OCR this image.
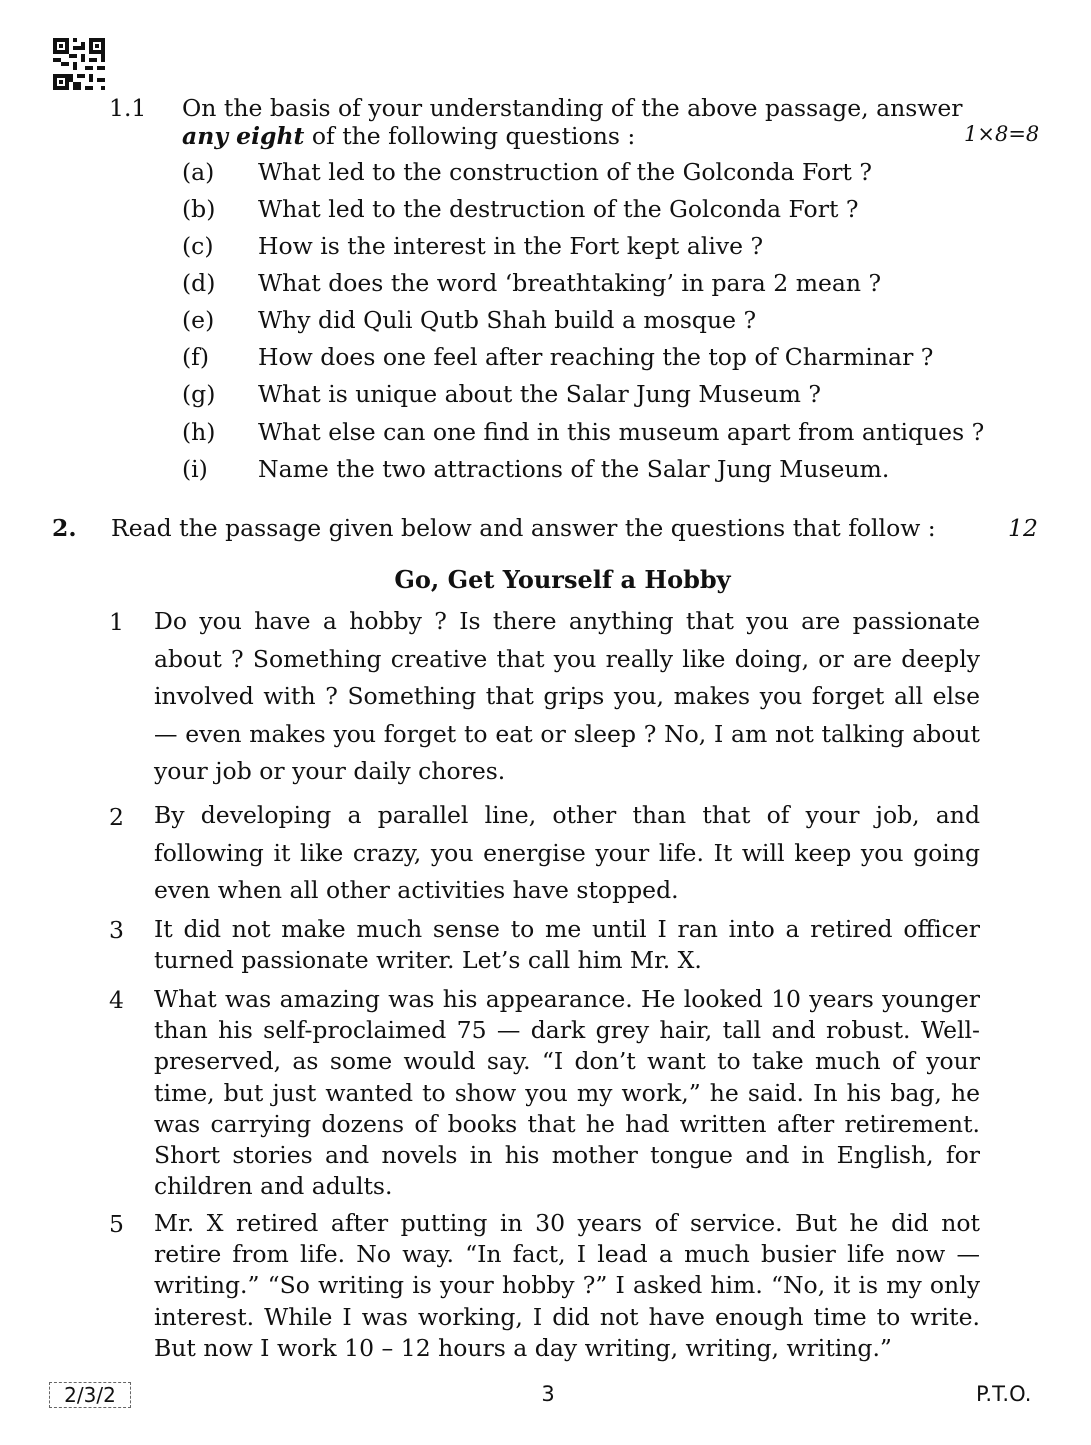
1.1 On the basis of your understanding of the above passage, answer
any eight of the following questions :	1×8=8
(a) What led to the construction of the Golconda Fort ?
(b) What led to the destruction of the Golconda Fort ?
(c) How is the interest in the Fort kept alive ?
(d) What does the word ‘breathtaking’ in para 2 mean ?
(e) Why did Quli Qutb Shah build a mosque ?
(f) How does one feel after reaching the top of Charminar ?
(g) What is unique about the Salar Jung Museum ?
(h) What else can one find in this museum apart from antiques ?
(i) Name the two attractions of the Salar Jung Museum.
2. Read the passage given below and answer the questions that follow :	12
Go, Get Yourself a Hobby
1 Do you have a hobby ? Is there anything that you are passionate about ? Something creative that you really like doing, or are deeply involved with ? Something that grips you, makes you forget all else — even makes you forget to eat or sleep ? No, I am not talking about your job or your daily chores.
2 By developing a parallel line, other than that of your job, and following it like crazy, you energise your life. It will keep you going even when all other activities have stopped.
3 It did not make much sense to me until I ran into a retired officer turned passionate writer. Let’s call him Mr. X.
4 What was amazing was his appearance. He looked 10 years younger than his self-proclaimed 75 — dark grey hair, tall and robust. Well-preserved, as some would say. “I don’t want to take much of your time, but just wanted to show you my work,” he said. In his bag, he was carrying dozens of books that he had written after retirement. Short stories and novels in his mother tongue and in English, for children and adults.
5 Mr. X retired after putting in 30 years of service. But he did not retire from life. No way. “In fact, I lead a much busier life now — writing.” “So writing is your hobby ?” I asked him. “No, it is my only interest. While I was working, I did not have enough time to write. But now I work 10 – 12 hours a day writing, writing, writing.”
2/3/2	3	P.T.O.
